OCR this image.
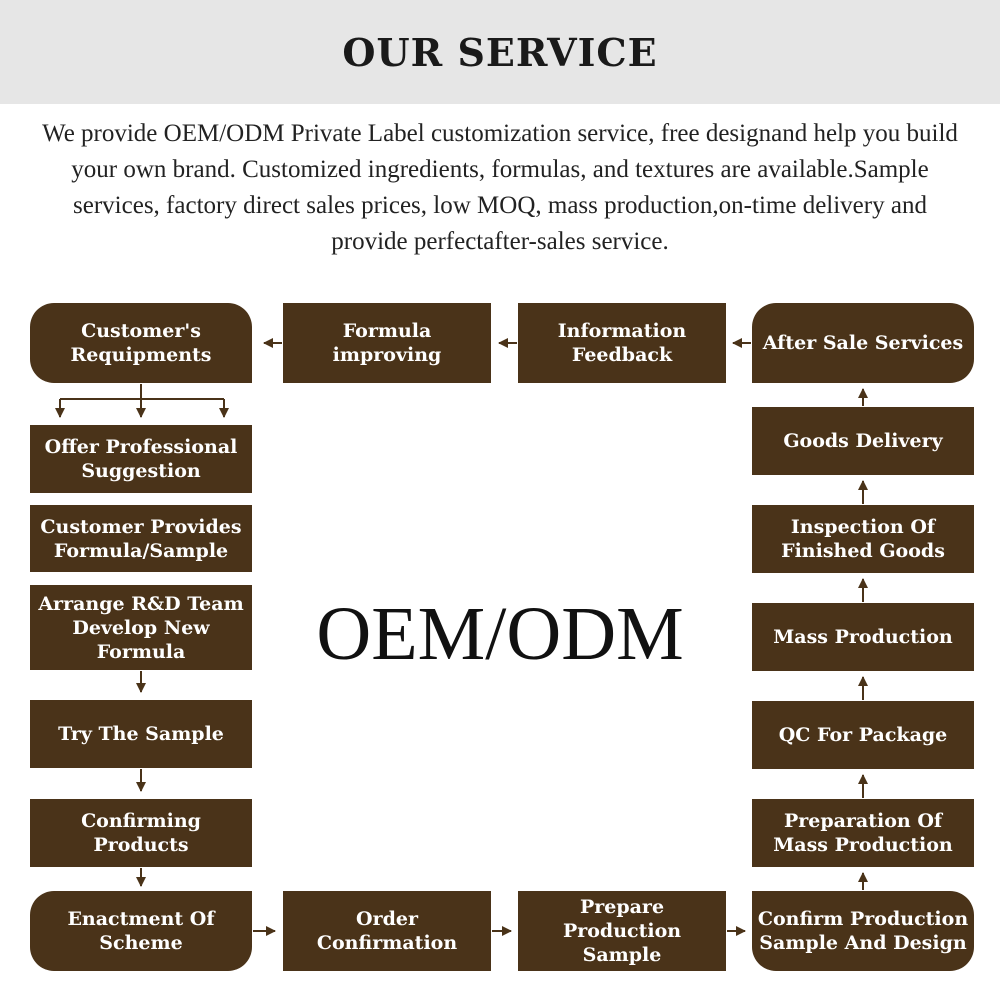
OUR SERVICE
We provide OEM/ODM Private Label customization service, free designand help you build your own brand. Customized ingredients, formulas, and textures are available.Sample services, factory direct sales prices, low MOQ, mass production,on-time delivery and provide perfectafter-sales service.
OEM/ODM
Customer's Requipments
Formula improving
Information Feedback
After Sale Services
Offer Professional Suggestion
Customer Provides Formula/Sample
Arrange R&D Team Develop New Formula
Try The Sample
Confirming Products
Enactment Of Scheme
Order Confirmation
Prepare Production Sample
Confirm Production Sample And Design
Goods Delivery
Inspection Of Finished Goods
Mass Production
QC For Package
Preparation Of Mass Production
